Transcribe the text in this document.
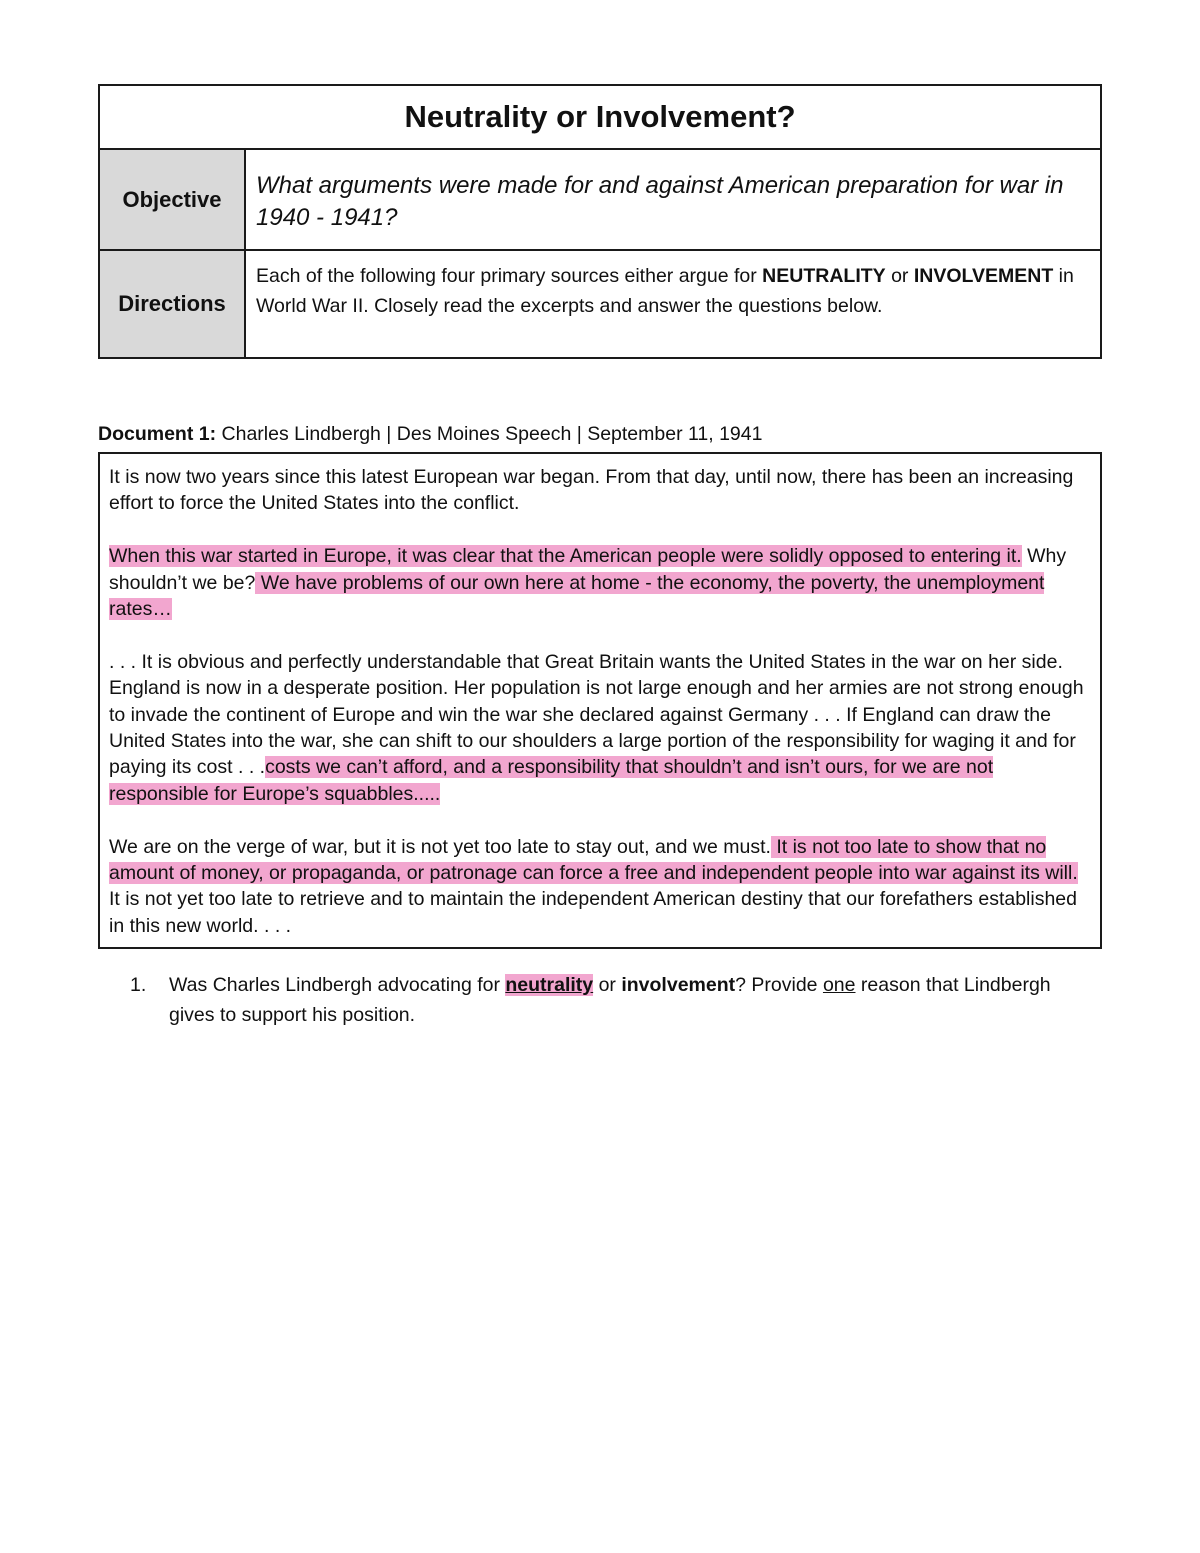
Neutrality or Involvement?	
Objective	What arguments were made for and against American preparation for war in 1940 - 1941?
Directions	Each of the following four primary sources either argue for NEUTRALITY or INVOLVEMENT in World War II. Closely read the excerpts and answer the questions below.
Document 1: Charles Lindbergh | Des Moines Speech | September 11, 1941

It is now two years since this latest European war began. From that day, until now, there has been an increasing effort to force the United States into the conflict.

When this war started in Europe, it was clear that the American people were solidly opposed to entering it. Why shouldn’t we be? We have problems of our own here at home - the economy, the poverty, the unemployment rates…

. . . It is obvious and perfectly understandable that Great Britain wants the United States in the war on her side. England is now in a desperate position. Her population is not large enough and her armies are not strong enough to invade the continent of Europe and win the war she declared against Germany . . . If England can draw the United States into the war, she can shift to our shoulders a large portion of the responsibility for waging it and for paying its cost . . .costs we can’t afford, and a responsibility that shouldn’t and isn’t ours, for we are not responsible for Europe’s squabbles.....

We are on the verge of war, but it is not yet too late to stay out, and we must. It is not too late to show that no amount of money, or propaganda, or patronage can force a free and independent people into war against its will. It is not yet too late to retrieve and to maintain the independent American destiny that our forefathers established in this new world. . . .

1. Was Charles Lindbergh advocating for neutrality or involvement? Provide one reason that Lindbergh gives to support his position.
